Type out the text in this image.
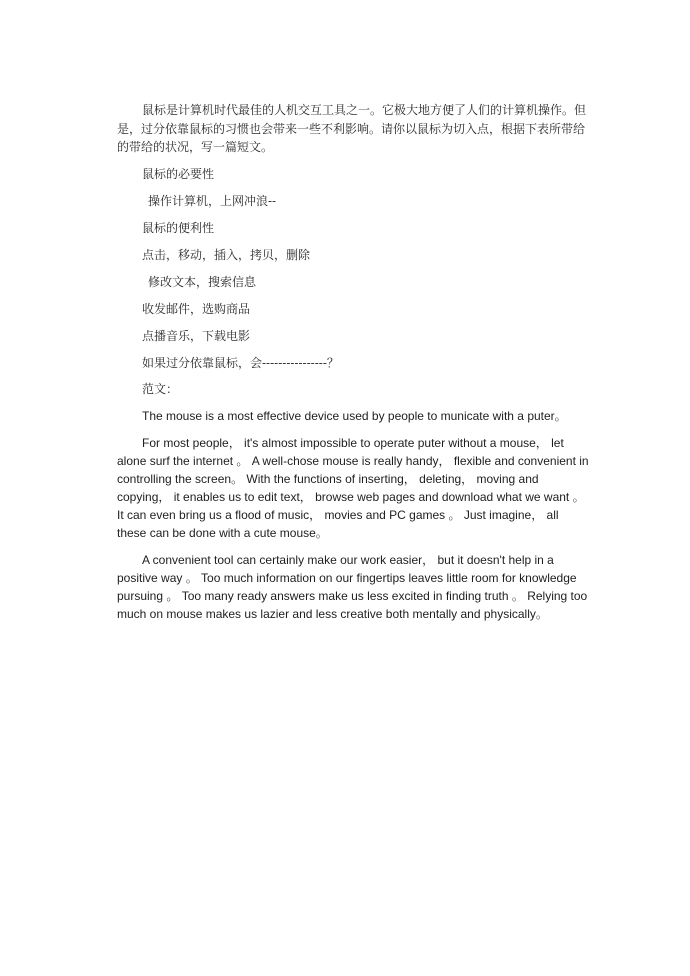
鼠标是计算机时代最佳的人机交互工具之一。它极大地方便了人们的计算机操作。但是，过分依靠鼠标的习惯也会带来一些不利影响。请你以鼠标为切入点，根据下表所带给的带给的状况，写一篇短文。

鼠标的必要性

操作计算机，上网冲浪--

鼠标的便利性

点击，移动，插入，拷贝，删除

修改文本，搜索信息

收发邮件，选购商品

点播音乐，下载电影

如果过分依靠鼠标，会----------------？

范文：

The mouse is a most effective device used by people to municate with a puter。

For most people， it's almost impossible to operate puter without a mouse， let alone surf the internet 。 A well-chose mouse is really handy， flexible and convenient in controlling the screen。 With the functions of inserting， deleting， moving and copying， it enables us to edit text， browse web pages and download what we want 。 It can even bring us a flood of music， movies and PC games 。 Just imagine， all these can be done with a cute mouse。

A convenient tool can certainly make our work easier， but it doesn't help in a positive way 。 Too much information on our fingertips leaves little room for knowledge pursuing 。 Too many ready answers make us less excited in finding truth 。 Relying too much on mouse makes us lazier and less creative both mentally and physically。
